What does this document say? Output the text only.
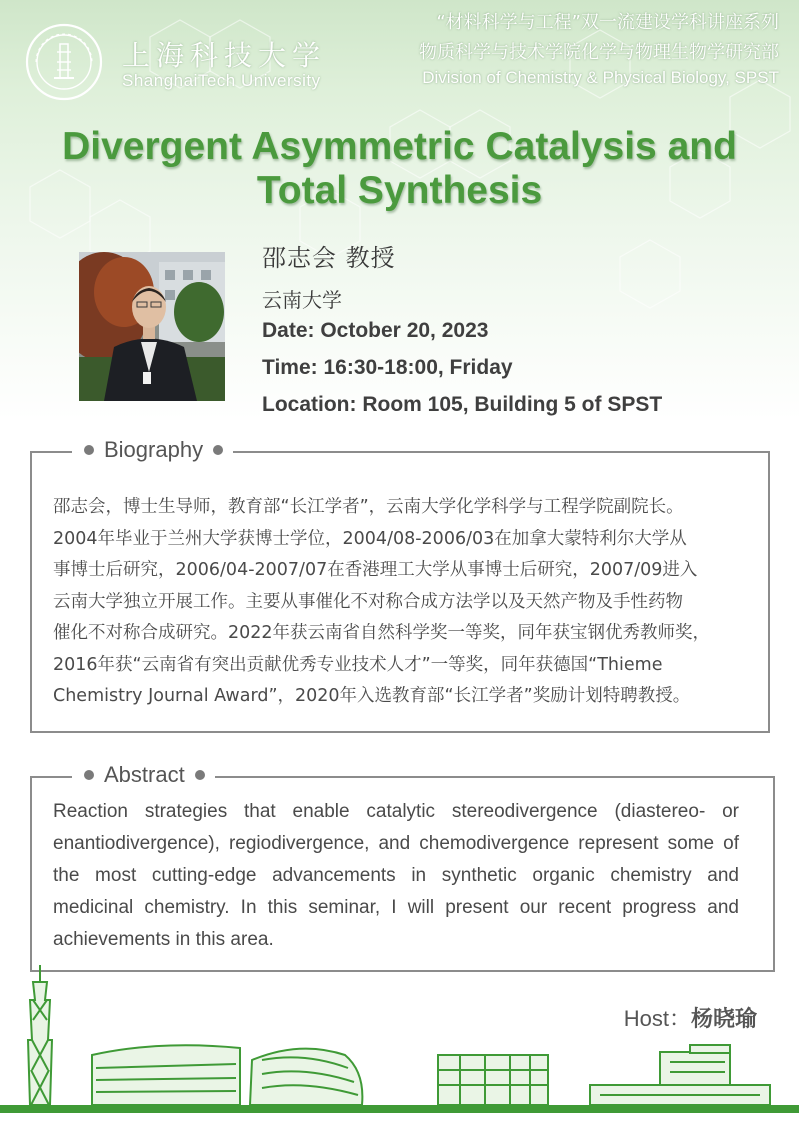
上海科技大学

ShanghaiTech University

“材料科学与工程”双一流建设学科讲座系列

物质科学与技术学院化学与物理生物学研究部

Division of Chemistry & Physical Biology, SPST

Divergent Asymmetric Catalysis and
Total Synthesis

邵志会 教授

云南大学

Date: October 20, 2023

Time: 16:30-18:00, Friday

Location: Room 105, Building 5 of SPST

Biography

邵志会，博士生导师，教育部“长江学者”，云南大学化学科学与工程学院副院长。
2004年毕业于兰州大学获博士学位，2004/08-2006/03在加拿大蒙特利尔大学从
事博士后研究，2006/04-2007/07在香港理工大学从事博士后研究，2007/09进入
云南大学独立开展工作。主要从事催化不对称合成方法学以及天然产物及手性药物
催化不对称合成研究。2022年获云南省自然科学奖一等奖，同年获宝钢优秀教师奖，
2016年获“云南省有突出贡献优秀专业技术人才”一等奖，同年获德国“Thieme
Chemistry Journal Award”，2020年入选教育部“长江学者”奖励计划特聘教授。

Abstract

Reaction strategies that enable catalytic stereodivergence (diastereo- or enantiodivergence), regiodivergence, and chemodivergence represent some of the most cutting-edge advancements in synthetic organic chemistry and medicinal chemistry. In this seminar, I will present our recent progress and achievements in this area.

Host：杨晓瑜
